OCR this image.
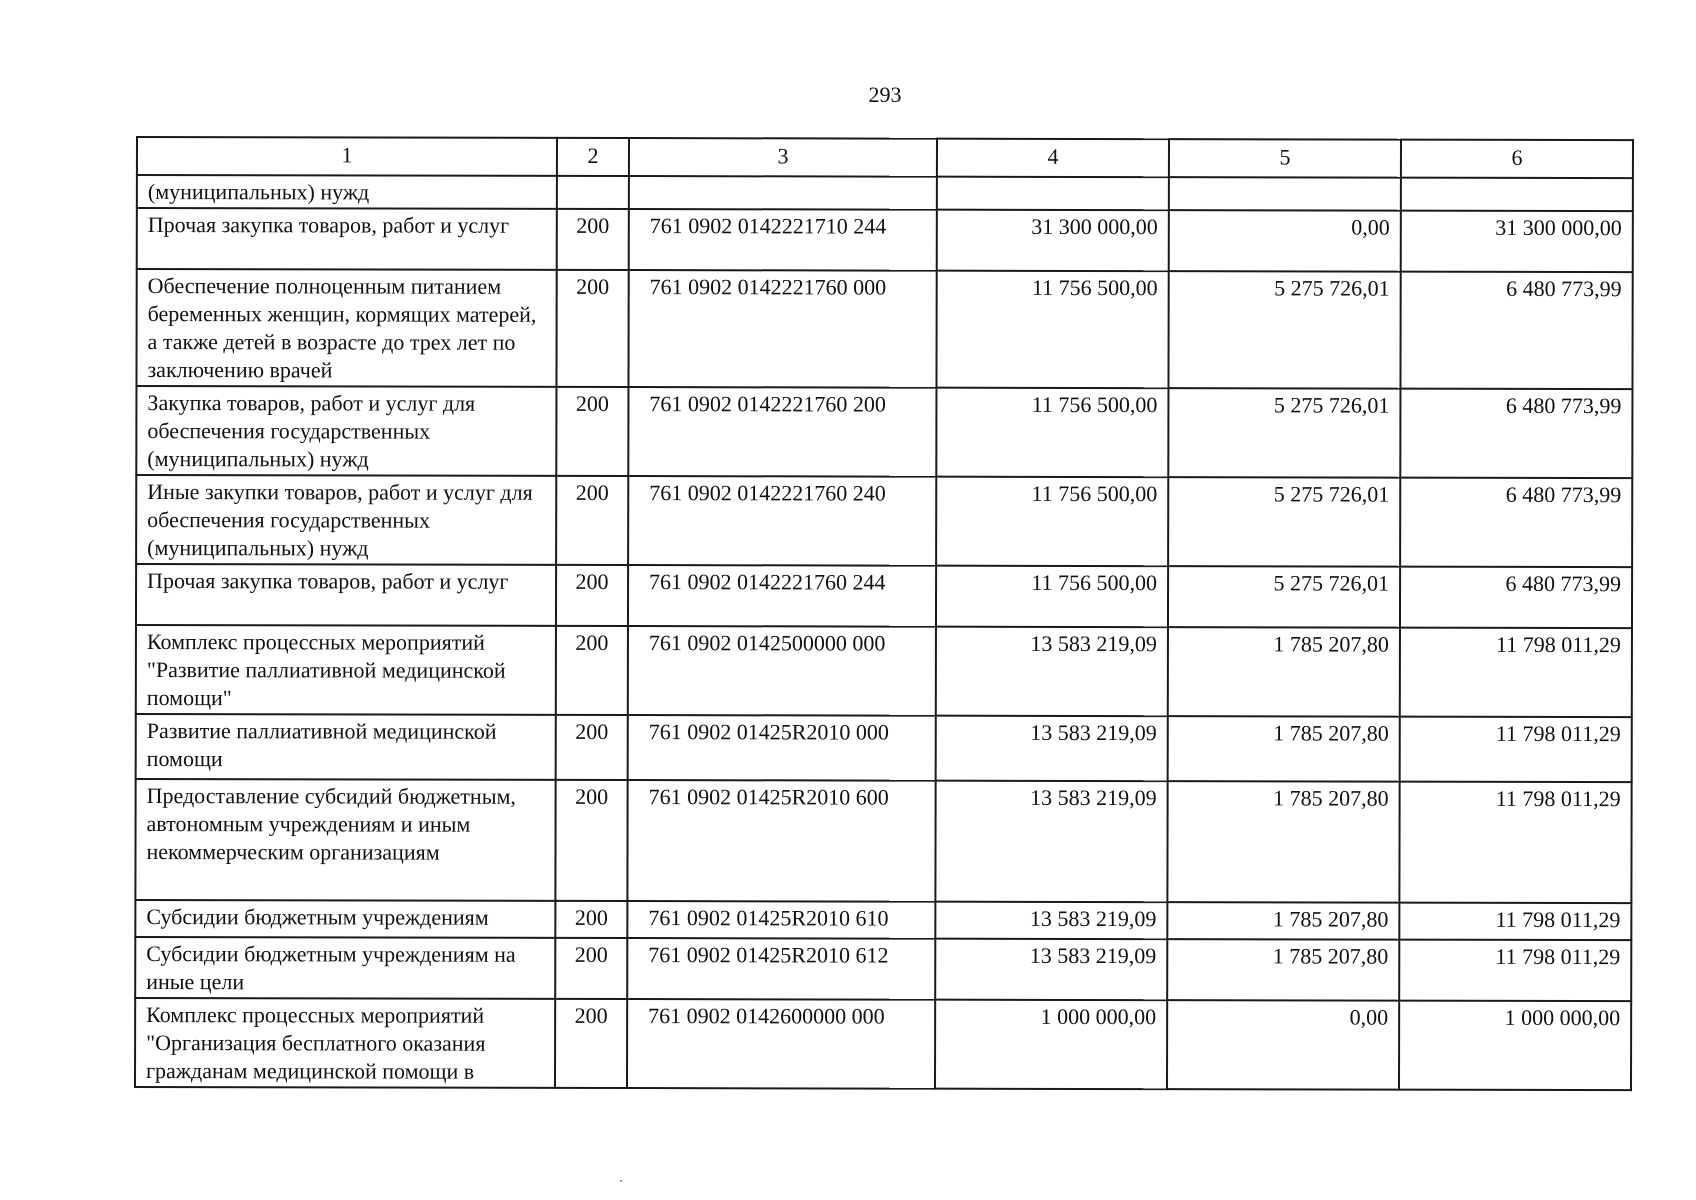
293
1	2	3	4	5	6
(муниципальных) нужд					
Прочая закупка товаров, работ и услуг	200	761 0902 0142221710 244	31 300 000,00	0,00	31 300 000,00
Обеспечение полноценным питанием беременных женщин, кормящих матерей, а также детей в возрасте до трех лет по заключению врачей	200	761 0902 0142221760 000	11 756 500,00	5 275 726,01	6 480 773,99
Закупка товаров, работ и услуг для обеспечения государственных (муниципальных) нужд	200	761 0902 0142221760 200	11 756 500,00	5 275 726,01	6 480 773,99
Иные закупки товаров, работ и услуг для обеспечения государственных (муниципальных) нужд	200	761 0902 0142221760 240	11 756 500,00	5 275 726,01	6 480 773,99
Прочая закупка товаров, работ и услуг	200	761 0902 0142221760 244	11 756 500,00	5 275 726,01	6 480 773,99
Комплекс процессных мероприятий "Развитие паллиативной медицинской помощи"	200	761 0902 0142500000 000	13 583 219,09	1 785 207,80	11 798 011,29
Развитие паллиативной медицинской помощи	200	761 0902 01425R2010 000	13 583 219,09	1 785 207,80	11 798 011,29
Предоставление субсидий бюджетным, автономным учреждениям и иным некоммерческим организациям	200	761 0902 01425R2010 600	13 583 219,09	1 785 207,80	11 798 011,29
Субсидии бюджетным учреждениям	200	761 0902 01425R2010 610	13 583 219,09	1 785 207,80	11 798 011,29
Субсидии бюджетным учреждениям на иные цели	200	761 0902 01425R2010 612	13 583 219,09	1 785 207,80	11 798 011,29
Комплекс процессных мероприятий "Организация бесплатного оказания гражданам медицинской помощи в	200	761 0902 0142600000 000	1 000 000,00	0,00	1 000 000,00
